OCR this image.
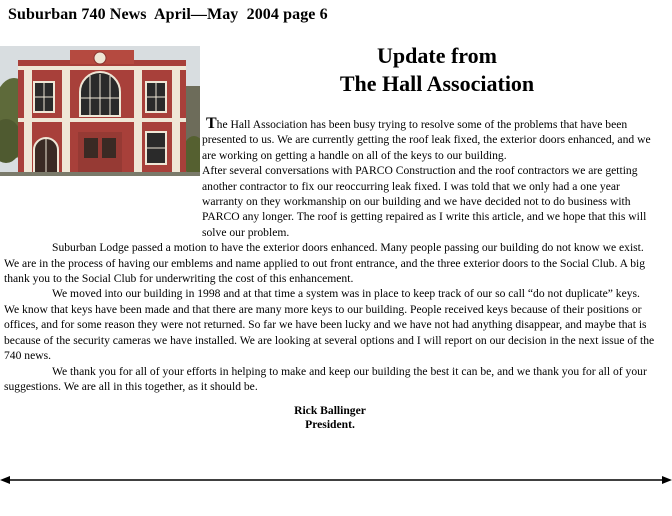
Suburban 740 News  April—May  2004 page 6
Update from
The Hall Association

The Hall Association has been busy trying to resolve some of the problems that have been presented to us. We are currently getting the roof leak fixed, the exterior doors enhanced, and we are working on getting a handle on all of the keys to our building.

After several conversations with PARCO Construction and the roof contractors we are getting another contractor to fix our reoccurring leak fixed. I was told that we only had a one year warranty on they workmanship on our building and we have decided not to do business with PARCO any longer. The roof is getting repaired as I write this article, and we hope that this will solve our problem.

Suburban Lodge passed a motion to have the exterior doors enhanced. Many people passing our building do not know we exist. We are in the process of having our emblems and name applied to out front entrance, and the three exterior doors to the Social Club. A big thank you to the Social Club for underwriting the cost of this enhancement.

We moved into our building in 1998 and at that time a system was in place to keep track of our so call “do not duplicate” keys. We know that keys have been made and that there are many more keys to our building. People received keys because of their positions or offices, and for some reason they were not returned. So far we have been lucky and we have not had anything disappear, and maybe that is because of the security cameras we have installed. We are looking at several options and I will report on our decision in the next issue of the 740 news.

We thank you for all of your efforts in helping to make and keep our building the best it can be, and we thank you for all of your suggestions. We are all in this together, as it should be.

Rick Ballinger
President.
